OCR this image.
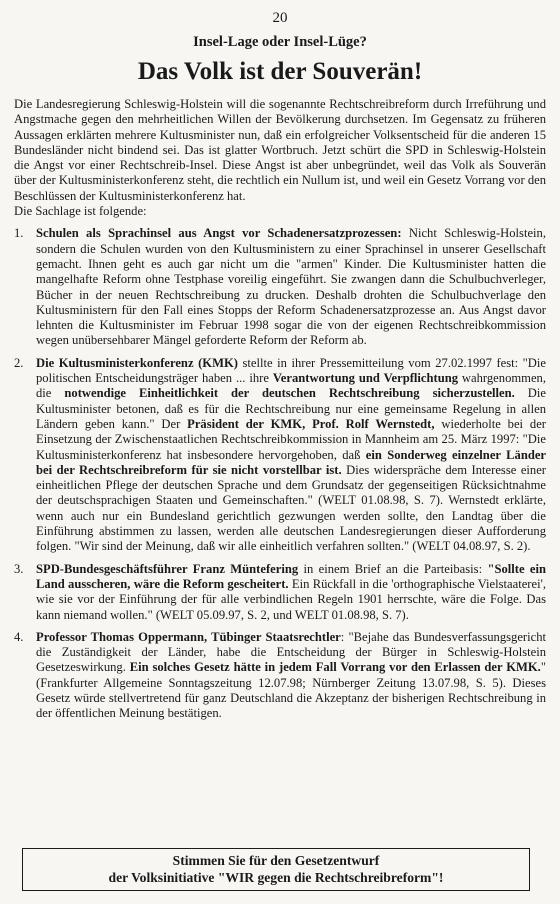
20

Insel-Lage oder Insel-Lüge?

Das Volk ist der Souverän!

Die Landesregierung Schleswig-Holstein will die sogenannte Rechtschreibreform durch Irreführung und Angstmache gegen den mehrheitlichen Willen der Bevölkerung durchsetzen. Im Gegensatz zu früheren Aussagen erklärten mehrere Kultusminister nun, daß ein erfolgreicher Volksentscheid für die anderen 15 Bundesländer nicht bindend sei. Das ist glatter Wortbruch. Jetzt schürt die SPD in Schleswig-Holstein die Angst vor einer Rechtschreib-Insel. Diese Angst ist aber unbegründet, weil das Volk als Souverän über der Kultusministerkonferenz steht, die rechtlich ein Nullum ist, und weil ein Gesetz Vorrang vor den Beschlüssen der Kultusministerkonferenz hat.

Die Sachlage ist folgende:

1. Schulen als Sprachinsel aus Angst vor Schadenersatzprozessen: Nicht Schleswig-Holstein, sondern die Schulen wurden von den Kultusministern zu einer Sprachinsel in unserer Gesellschaft gemacht. Ihnen geht es auch gar nicht um die "armen" Kinder. Die Kultusminister hatten die mangelhafte Reform ohne Testphase voreilig eingeführt. Sie zwangen dann die Schulbuchverleger, Bücher in der neuen Rechtschreibung zu drucken. Deshalb drohten die Schulbuchverlage den Kultusministern für den Fall eines Stopps der Reform Schadenersatzprozesse an. Aus Angst davor lehnten die Kultusminister im Februar 1998 sogar die von der eigenen Rechtschreibkommission wegen unübersehbarer Mängel geforderte Reform der Reform ab.
2. Die Kultusministerkonferenz (KMK) stellte in ihrer Pressemitteilung vom 27.02.1997 fest: "Die politischen Entscheidungsträger haben ... ihre Verantwortung und Verpflichtung wahrgenommen, die notwendige Einheitlichkeit der deutschen Rechtschreibung sicherzustellen. Die Kultusminister betonen, daß es für die Rechtschreibung nur eine gemeinsame Regelung in allen Ländern geben kann." Der Präsident der KMK, Prof. Rolf Wernstedt, wiederholte bei der Einsetzung der Zwischenstaatlichen Rechtschreibkommission in Mannheim am 25. März 1997: "Die Kultusministerkonferenz hat insbesondere hervorgehoben, daß ein Sonderweg einzelner Länder bei der Rechtschreibreform für sie nicht vorstellbar ist. Dies widerspräche dem Interesse einer einheitlichen Pflege der deutschen Sprache und dem Grundsatz der gegenseitigen Rücksichtnahme der deutschsprachigen Staaten und Gemeinschaften." (WELT 01.08.98, S. 7). Wernstedt erklärte, wenn auch nur ein Bundesland gerichtlich gezwungen werden sollte, den Landtag über die Einführung abstimmen zu lassen, werden alle deutschen Landesregierungen dieser Aufforderung folgen. "Wir sind der Meinung, daß wir alle einheitlich verfahren sollten." (WELT 04.08.97, S. 2).
3. SPD-Bundesgeschäftsführer Franz Müntefering in einem Brief an die Parteibasis: "Sollte ein Land ausscheren, wäre die Reform gescheitert. Ein Rückfall in die 'orthographische Vielstaaterei', wie sie vor der Einführung der für alle verbindlichen Regeln 1901 herrschte, wäre die Folge. Das kann niemand wollen." (WELT 05.09.97, S. 2, und WELT 01.08.98, S. 7).
4. Professor Thomas Oppermann, Tübinger Staatsrechtler: "Bejahe das Bundesverfassungsgericht die Zuständigkeit der Länder, habe die Entscheidung der Bürger in Schleswig-Holstein Gesetzeswirkung. Ein solches Gesetz hätte in jedem Fall Vorrang vor den Erlassen der KMK." (Frankfurter Allgemeine Sonntagszeitung 12.07.98; Nürnberger Zeitung 13.07.98, S. 5). Dieses Gesetz würde stellvertretend für ganz Deutschland die Akzeptanz der bisherigen Rechtschreibung in der öffentlichen Meinung bestätigen.
Stimmen Sie für den Gesetzentwurf
der Volksinitiative "WIR gegen die Rechtschreibreform"!
